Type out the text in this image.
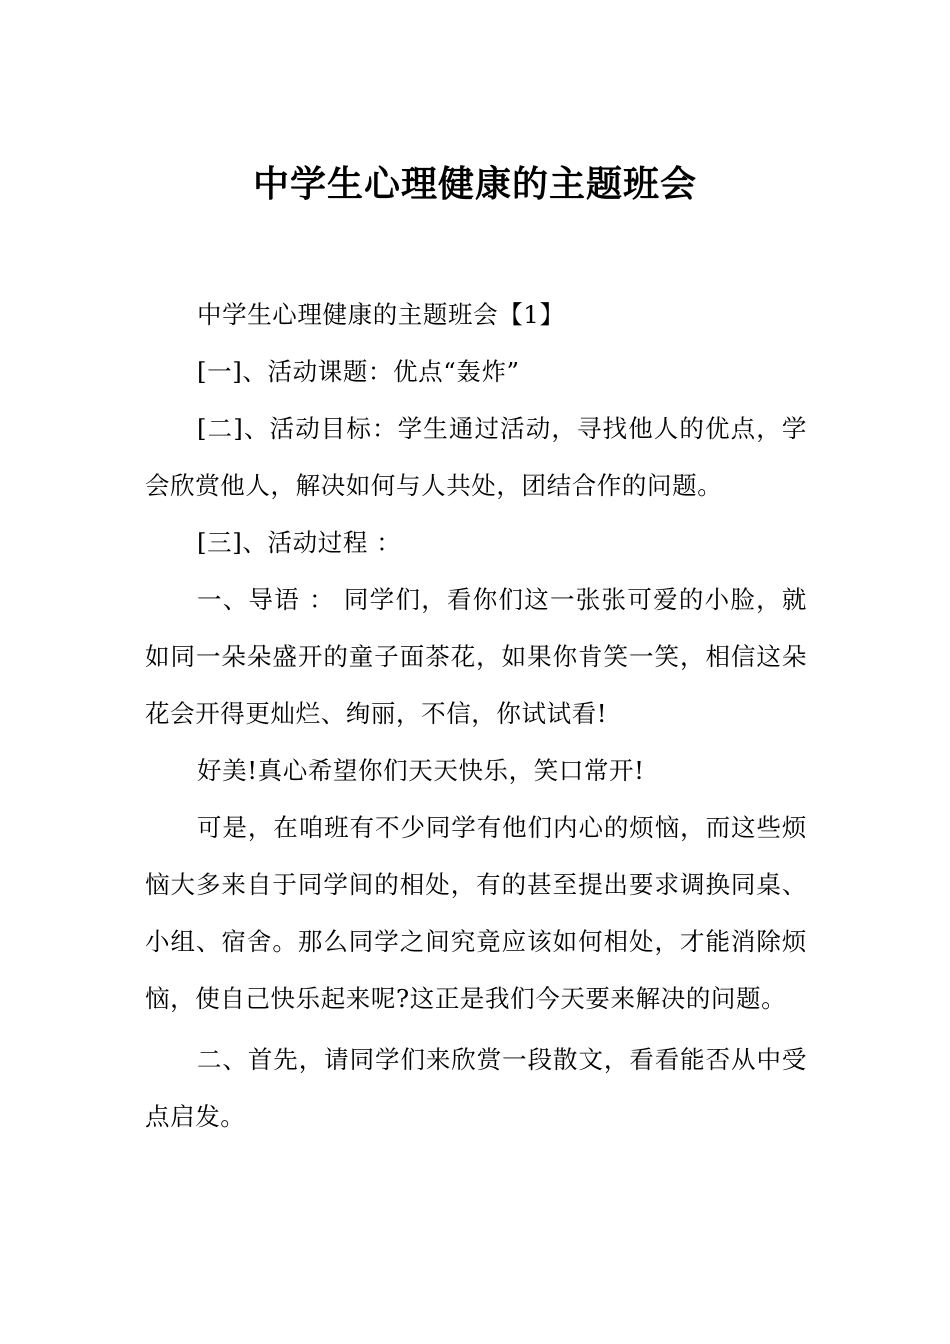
中学生心理健康的主题班会

中学生心理健康的主题班会【1】

[一]、活动课题：优点“轰炸”

[二]、活动目标：学生通过活动，寻找他人的优点，学会欣赏他人，解决如何与人共处，团结合作的问题。

[三]、活动过程 ：

一、导语 ： 同学们，看你们这一张张可爱的小脸，就如同一朵朵盛开的童子面茶花，如果你肯笑一笑，相信这朵花会开得更灿烂、绚丽，不信，你试试看!

好美!真心希望你们天天快乐，笑口常开!

可是，在咱班有不少同学有他们内心的烦恼，而这些烦恼大多来自于同学间的相处，有的甚至提出要求调换同桌、小组、宿舍。那么同学之间究竟应该如何相处，才能消除烦恼，使自己快乐起来呢?这正是我们今天要来解决的问题。

二、首先，请同学们来欣赏一段散文，看看能否从中受点启发。
